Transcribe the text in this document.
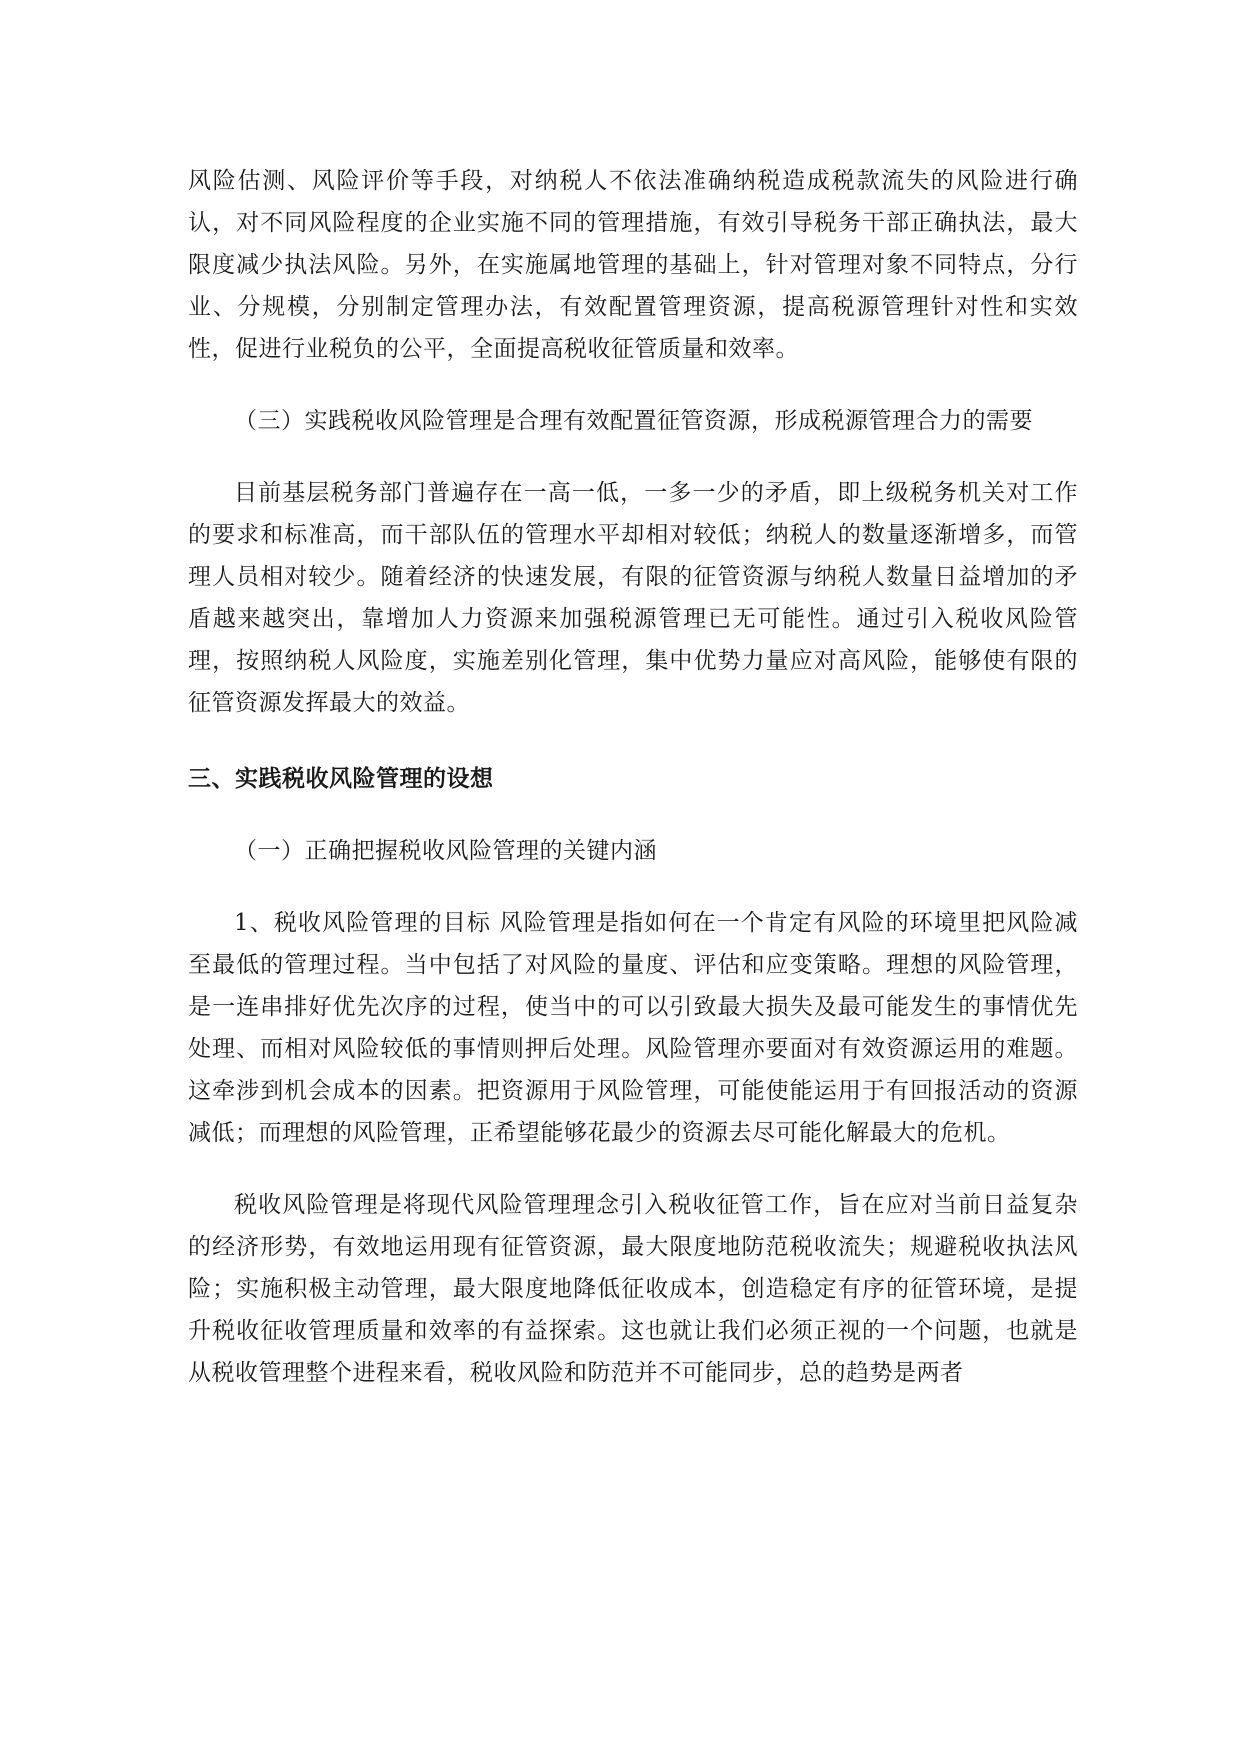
风险估测、风险评价等手段，对纳税人不依法准确纳税造成税款流失的风险进行确认，对不同风险程度的企业实施不同的管理措施，有效引导税务干部正确执法，最大限度减少执法风险。另外，在实施属地管理的基础上，针对管理对象不同特点，分行业、分规模，分别制定管理办法，有效配置管理资源，提高税源管理针对性和实效性，促进行业税负的公平，全面提高税收征管质量和效率。

（三）实践税收风险管理是合理有效配置征管资源，形成税源管理合力的需要

目前基层税务部门普遍存在一高一低，一多一少的矛盾，即上级税务机关对工作的要求和标准高，而干部队伍的管理水平却相对较低；纳税人的数量逐渐增多，而管理人员相对较少。随着经济的快速发展，有限的征管资源与纳税人数量日益增加的矛盾越来越突出，靠增加人力资源来加强税源管理已无可能性。通过引入税收风险管理，按照纳税人风险度，实施差别化管理，集中优势力量应对高风险，能够使有限的征管资源发挥最大的效益。

三、实践税收风险管理的设想

（一）正确把握税收风险管理的关键内涵

1、税收风险管理的目标 风险管理是指如何在一个肯定有风险的环境里把风险减至最低的管理过程。当中包括了对风险的量度、评估和应变策略。理想的风险管理，是一连串排好优先次序的过程，使当中的可以引致最大损失及最可能发生的事情优先处理、而相对风险较低的事情则押后处理。风险管理亦要面对有效资源运用的难题。这牵涉到机会成本的因素。把资源用于风险管理，可能使能运用于有回报活动的资源减低；而理想的风险管理，正希望能够花最少的资源去尽可能化解最大的危机。

税收风险管理是将现代风险管理理念引入税收征管工作，旨在应对当前日益复杂的经济形势，有效地运用现有征管资源，最大限度地防范税收流失；规避税收执法风险；实施积极主动管理，最大限度地降低征收成本，创造稳定有序的征管环境，是提升税收征收管理质量和效率的有益探索。这也就让我们必须正视的一个问题，也就是从税收管理整个进程来看，税收风险和防范并不可能同步，总的趋势是两者
